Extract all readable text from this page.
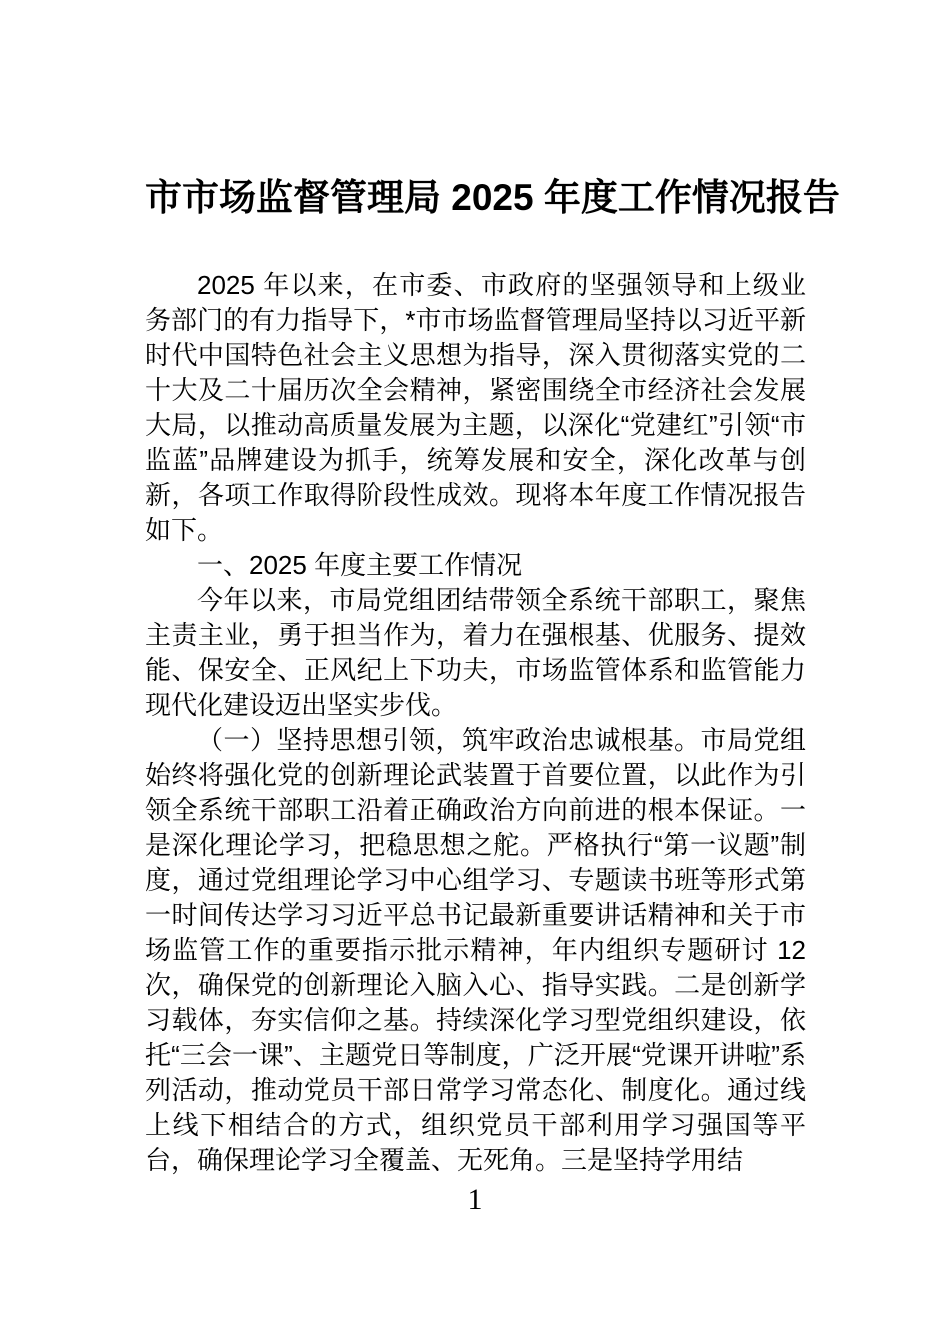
市市场监督管理局 2025 年度工作情况报告

2025 年以来，在市委、市政府的坚强领导和上级业务部门的有力指导下，*市市场监督管理局坚持以习近平新时代中国特色社会主义思想为指导，深入贯彻落实党的二十大及二十届历次全会精神，紧密围绕全市经济社会发展大局，以推动高质量发展为主题，以深化“党建红”引领“市监蓝”品牌建设为抓手，统筹发展和安全，深化改革与创新，各项工作取得阶段性成效。现将本年度工作情况报告如下。

一、2025 年度主要工作情况

今年以来，市局党组团结带领全系统干部职工，聚焦主责主业，勇于担当作为，着力在强根基、优服务、提效能、保安全、正风纪上下功夫，市场监管体系和监管能力现代化建设迈出坚实步伐。

（一）坚持思想引领，筑牢政治忠诚根基。市局党组始终将强化党的创新理论武装置于首要位置，以此作为引领全系统干部职工沿着正确政治方向前进的根本保证。一是深化理论学习，把稳思想之舵。严格执行“第一议题”制度，通过党组理论学习中心组学习、专题读书班等形式第一时间传达学习习近平总书记最新重要讲话精神和关于市场监管工作的重要指示批示精神，年内组织专题研讨 12 次，确保党的创新理论入脑入心、指导实践。二是创新学习载体，夯实信仰之基。持续深化学习型党组织建设，依托“三会一课”、主题党日等制度，广泛开展“党课开讲啦”系列活动，推动党员干部日常学习常态化、制度化。通过线上线下相结合的方式，组织党员干部利用学习强国等平台，确保理论学习全覆盖、无死角。三是坚持学用结

1
